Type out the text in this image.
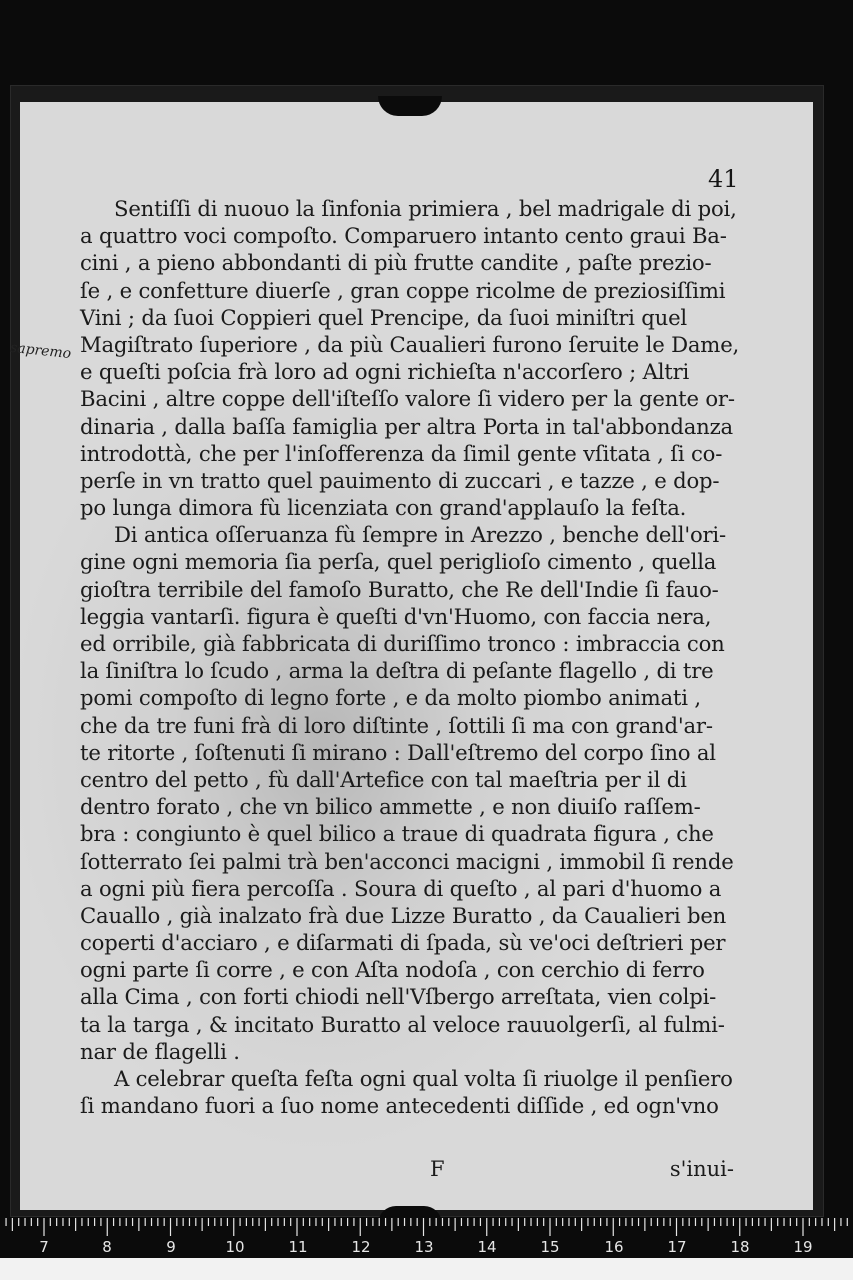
41
sapremo
Sentiſſi di nuouo la ſinfonia primiera , bel madrigale di poi,
a quattro voci compoſto. Comparuero intanto cento graui Ba-
cini , a pieno abbondanti di più frutte candite , paſte prezio-
ſe , e confetture diuerſe , gran coppe ricolme de preziosiſſimi
Vini ; da ſuoi Coppieri quel Prencipe, da ſuoi miniſtri quel
Magiſtrato ſuperiore , da più Caualieri furono ſeruite le Dame,
e queſti poſcia frà loro ad ogni richieſta n'accorſero ; Altri
Bacini , altre coppe dell'iſteſſo valore ſi videro per la gente or-
dinaria , dalla baſſa famiglia per altra Porta in tal'abbondanza
introdottà, che per l'inſofferenza da ſimil gente vſitata , ſi co-
perſe in vn tratto quel pauimento di zuccari , e tazze , e dop-
po lunga dimora fù licenziata con grand'applauſo la feſta.
Di antica oſſeruanza fù ſempre in Arezzo , benche dell'ori-
gine ogni memoria ſia perſa, quel periglioſo cimento , quella
gioſtra terribile del famoſo Buratto, che Re dell'Indie ſi fauo-
leggia vantarſi. figura è queſti d'vn'Huomo, con faccia nera,
ed orribile, già fabbricata di duriſſimo tronco : imbraccia con
la ſiniſtra lo ſcudo , arma la deſtra di peſante flagello , di tre
pomi compoſto di legno forte , e da molto piombo animati ,
che da tre funi frà di loro diſtinte , ſottili ſi ma con grand'ar-
te ritorte , ſoſtenuti ſi mirano : Dall'eſtremo del corpo ſino al
centro del petto , fù dall'Artefice con tal maeſtria per il di
dentro forato , che vn bilico ammette , e non diuiſo raſſem-
bra : congiunto è quel bilico a traue di quadrata figura , che
ſotterrato ſei palmi trà ben'acconci macigni , immobil ſi rende
a ogni più fiera percoſſa . Soura di queſto , al pari d'huomo a
Cauallo , già inalzato frà due Lizze Buratto , da Caualieri ben
coperti d'acciaro , e diſarmati di ſpada, sù ve'oci deſtrieri per
ogni parte ſi corre , e con Aſta nodoſa , con cerchio di ferro
alla Cima , con forti chiodi nell'Vſbergo arreſtata, vien colpi-
ta la targa , & incitato Buratto al veloce rauuolgerſi, al fulmi-
nar de flagelli .
A celebrar queſta feſta ogni qual volta ſi riuolge il penſiero
ſi mandano fuori a ſuo nome antecedenti diſſide , ed ogn'vno
F	s'inui-
7	8	9	10	11	12	13	14	15	16	17	18	19
